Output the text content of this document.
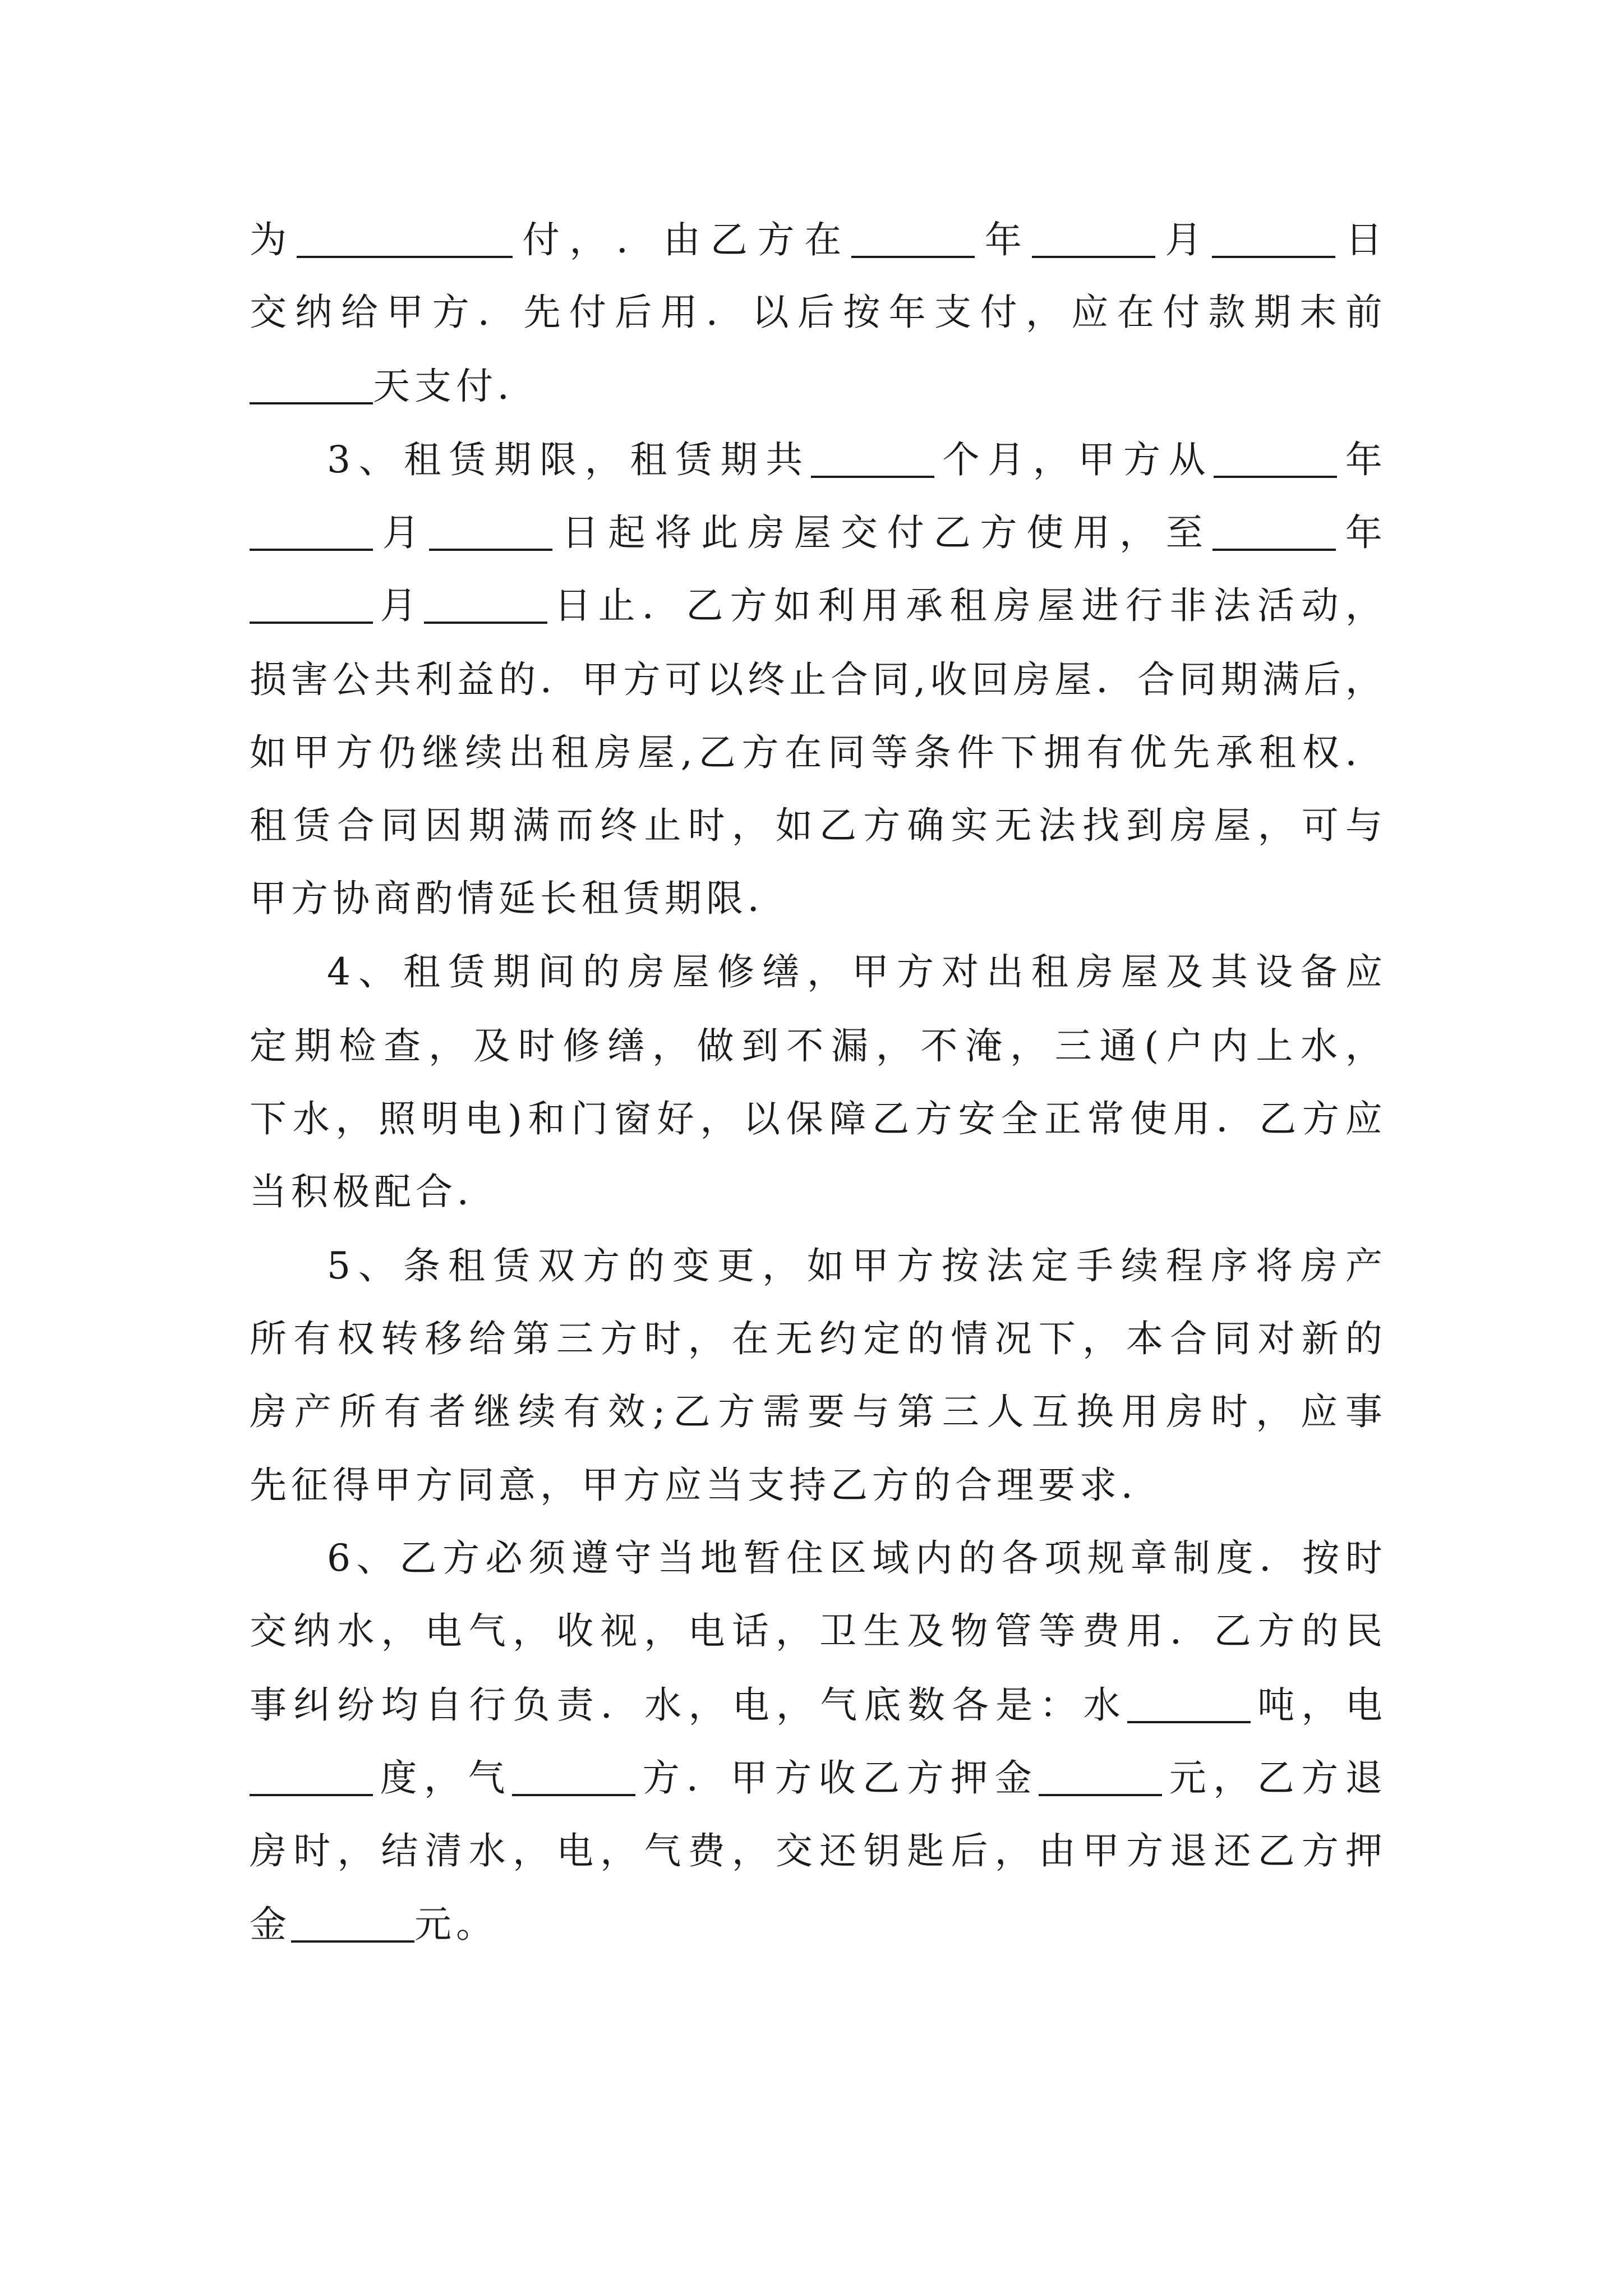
为	付 ， ． 由 乙 方 在	年	月	日
交 纳 给 甲 方 ． 先 付 后 用 ． 以 后 按 年 支 付 ， 应 在 付 款 期 末 前
天支付．
3 、 租 赁 期 限 ， 租 赁 期 共	个 月 ， 甲 方 从	年
月	日 起 将 此 房 屋 交 付 乙 方 使 用 ， 至	年
月	日 止 ． 乙 方 如 利 用 承 租 房 屋 进 行 非 法 活 动 ，
损 害 公 共 利 益 的 ． 甲 方 可 以 终 止 合 同 , 收 回 房 屋 ． 合 同 期 满 后 ，
如 甲 方 仍 继 续 出 租 房 屋 , 乙 方 在 同 等 条 件 下 拥 有 优 先 承 租 权 ．
租 赁 合 同 因 期 满 而 终 止 时 ， 如 乙 方 确 实 无 法 找 到 房 屋 ， 可 与
甲方协商酌情延长租赁期限．
4 、 租 赁 期 间 的 房 屋 修 缮 ， 甲 方 对 出 租 房 屋 及 其 设 备 应
定 期 检 查 ， 及 时 修 缮 ， 做 到 不 漏 ， 不 淹 ， 三 通 ( 户 内 上 水 ，
下 水 ， 照 明 电 ) 和 门 窗 好 ， 以 保 障 乙 方 安 全 正 常 使 用 ． 乙 方 应
当积极配合．
5 、 条 租 赁 双 方 的 变 更 ， 如 甲 方 按 法 定 手 续 程 序 将 房 产
所 有 权 转 移 给 第 三 方 时 ， 在 无 约 定 的 情 况 下 ， 本 合 同 对 新 的
房 产 所 有 者 继 续 有 效 ; 乙 方 需 要 与 第 三 人 互 换 用 房 时 ， 应 事
先征得甲方同意，甲方应当支持乙方的合理要求．
6 、 乙 方 必 须 遵 守 当 地 暂 住 区 域 内 的 各 项 规 章 制 度 ． 按 时
交 纳 水 ， 电 气 ， 收 视 ， 电 话 ， 卫 生 及 物 管 等 费 用 ． 乙 方 的 民
事 纠 纷 均 自 行 负 责 ． 水 ， 电 ， 气 底 数 各 是 ： 水	吨 ， 电
度 ， 气	方 ． 甲 方 收 乙 方 押 金	元 ， 乙 方 退
房 时 ， 结 清 水 ， 电 ， 气 费 ， 交 还 钥 匙 后 ， 由 甲 方 退 还 乙 方 押
金	元。
